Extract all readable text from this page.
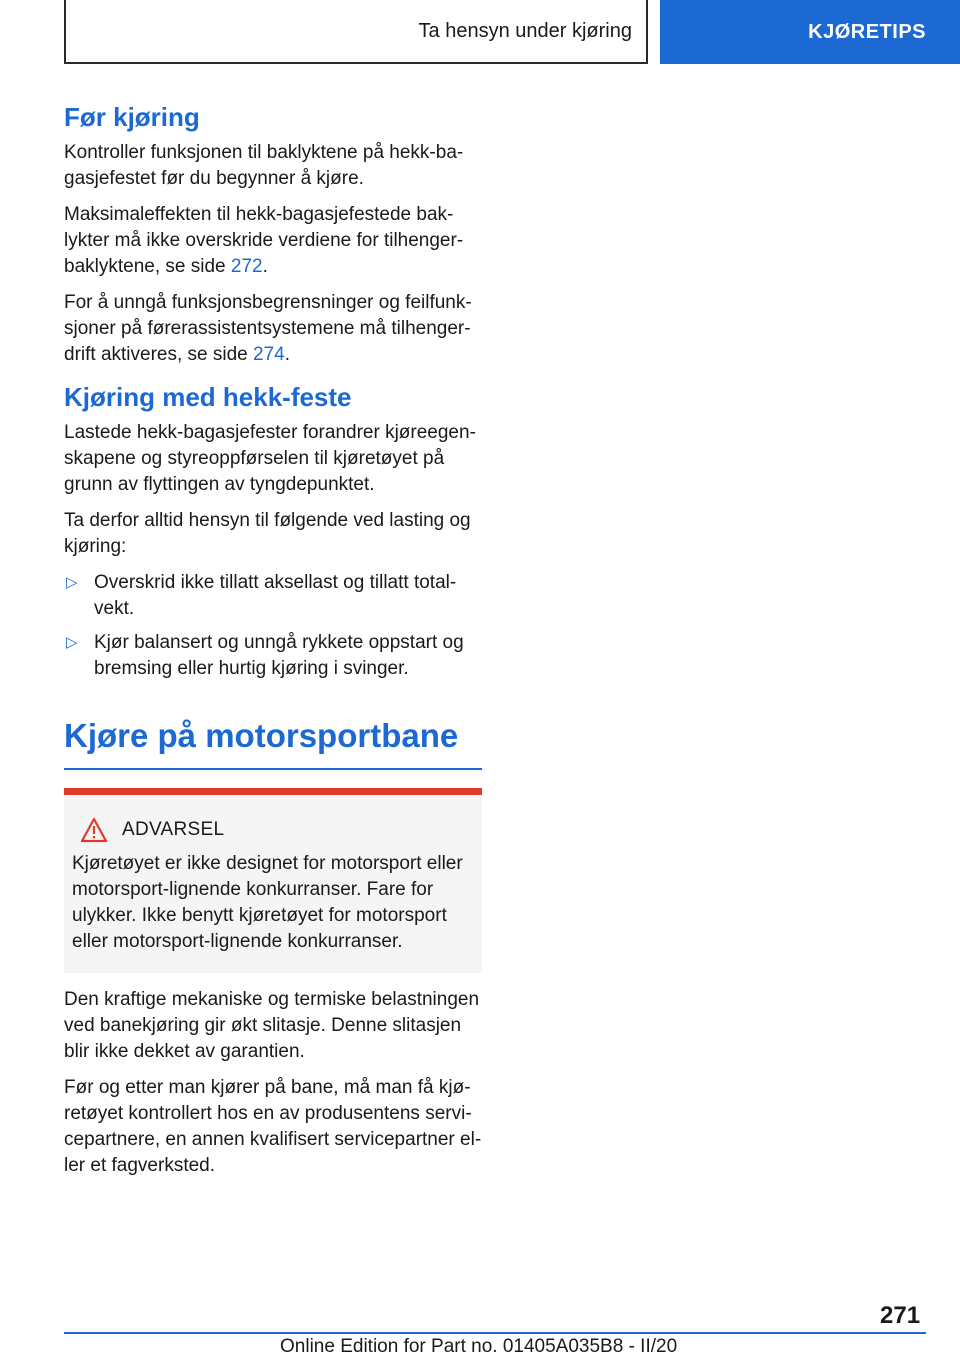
Ta hensyn under kjøring	KJØRETIPS
Før kjøring

Kontroller funksjonen til baklyktene på hekk-bagasjefestet før du begynner å kjøre.

Maksimaleffekten til hekk-bagasjefestede baklykter må ikke overskride verdiene for tilhengerbaklyktene, se side 272.

For å unngå funksjonsbegrensninger og feilfunksjoner på førerassistentsystemene må tilhengerdrift aktiveres, se side 274.

Kjøring med hekk-feste

Lastede hekk-bagasjefester forandrer kjøreegenskapene og styreoppførselen til kjøretøyet på grunn av flyttingen av tyngdepunktet.

Ta derfor alltid hensyn til følgende ved lasting og kjøring:

▷ Overskrid ikke tillatt aksellast og tillatt totalvekt.
▷ Kjør balansert og unngå rykkete oppstart og bremsing eller hurtig kjøring i svinger.
Kjøre på motorsportbane
ADVARSEL

Kjøretøyet er ikke designet for motorsport eller motorsport-lignende konkurranser. Fare for ulykker. Ikke benytt kjøretøyet for motorsport eller motorsport-lignende konkurranser.

Den kraftige mekaniske og termiske belastningen ved banekjøring gir økt slitasje. Denne slitasjen blir ikke dekket av garantien.

Før og etter man kjører på bane, må man få kjøretøyet kontrollert hos en av produsentens servicepartnere, en annen kvalifisert servicepartner eller et fagverksted.

271
Online Edition for Part no. 01405A035B8 - II/20
